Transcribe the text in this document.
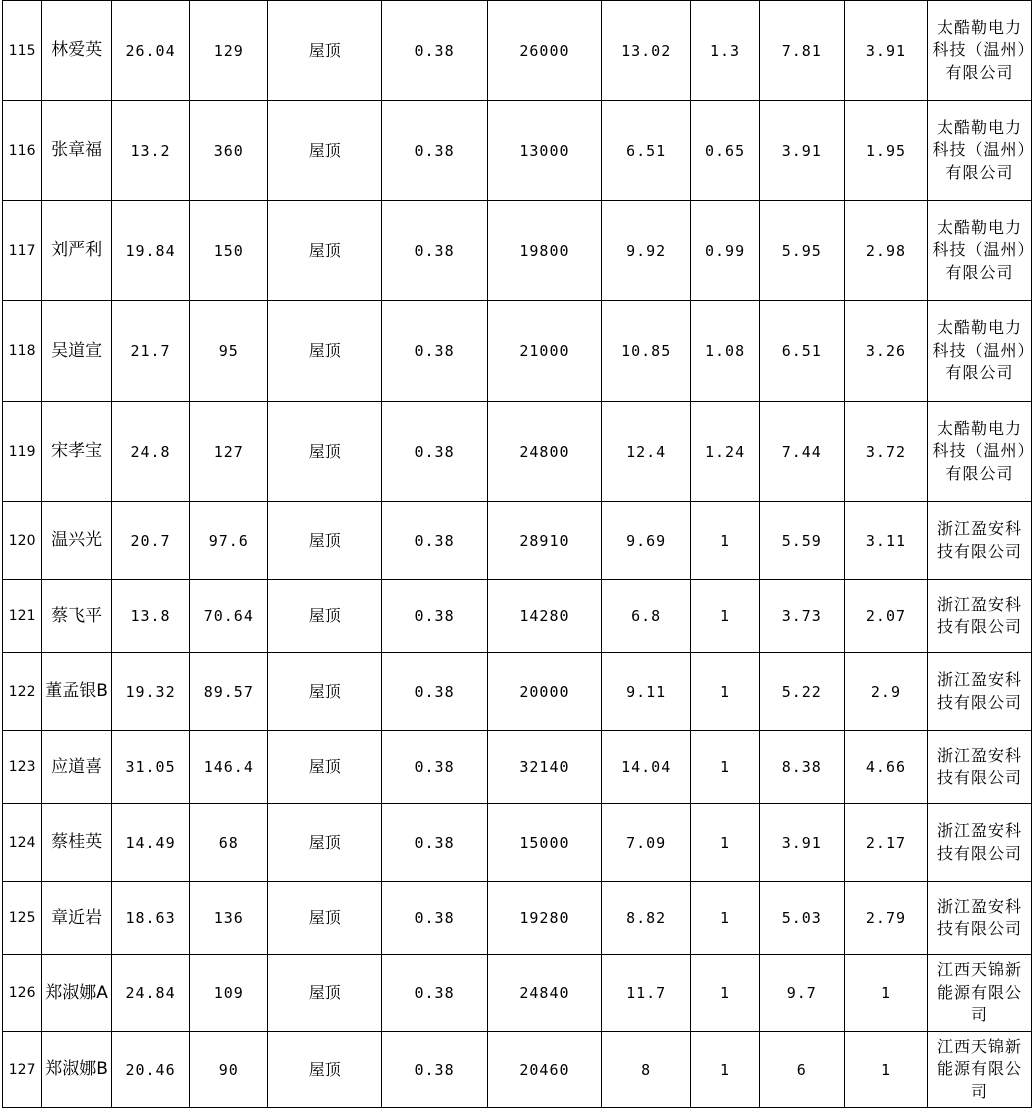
115	林爱英	26.04	129	屋顶	0.38	26000	13.02	1.3	7.81	3.91	太酷勒电力科技（温州）有限公司
116	张章福	13.2	360	屋顶	0.38	13000	6.51	0.65	3.91	1.95	太酷勒电力科技（温州）有限公司
117	刘严利	19.84	150	屋顶	0.38	19800	9.92	0.99	5.95	2.98	太酷勒电力科技（温州）有限公司
118	吴道宣	21.7	95	屋顶	0.38	21000	10.85	1.08	6.51	3.26	太酷勒电力科技（温州）有限公司
119	宋孝宝	24.8	127	屋顶	0.38	24800	12.4	1.24	7.44	3.72	太酷勒电力科技（温州）有限公司
120	温兴光	20.7	97.6	屋顶	0.38	28910	9.69	1	5.59	3.11	浙江盈安科技有限公司
121	蔡飞平	13.8	70.64	屋顶	0.38	14280	6.8	1	3.73	2.07	浙江盈安科技有限公司
122	董孟银B	19.32	89.57	屋顶	0.38	20000	9.11	1	5.22	2.9	浙江盈安科技有限公司
123	应道喜	31.05	146.4	屋顶	0.38	32140	14.04	1	8.38	4.66	浙江盈安科技有限公司
124	蔡桂英	14.49	68	屋顶	0.38	15000	7.09	1	3.91	2.17	浙江盈安科技有限公司
125	章近岩	18.63	136	屋顶	0.38	19280	8.82	1	5.03	2.79	浙江盈安科技有限公司
126	郑淑娜A	24.84	109	屋顶	0.38	24840	11.7	1	9.7	1	江西天锦新能源有限公司
127	郑淑娜B	20.46	90	屋顶	0.38	20460	8	1	6	1	江西天锦新能源有限公司
